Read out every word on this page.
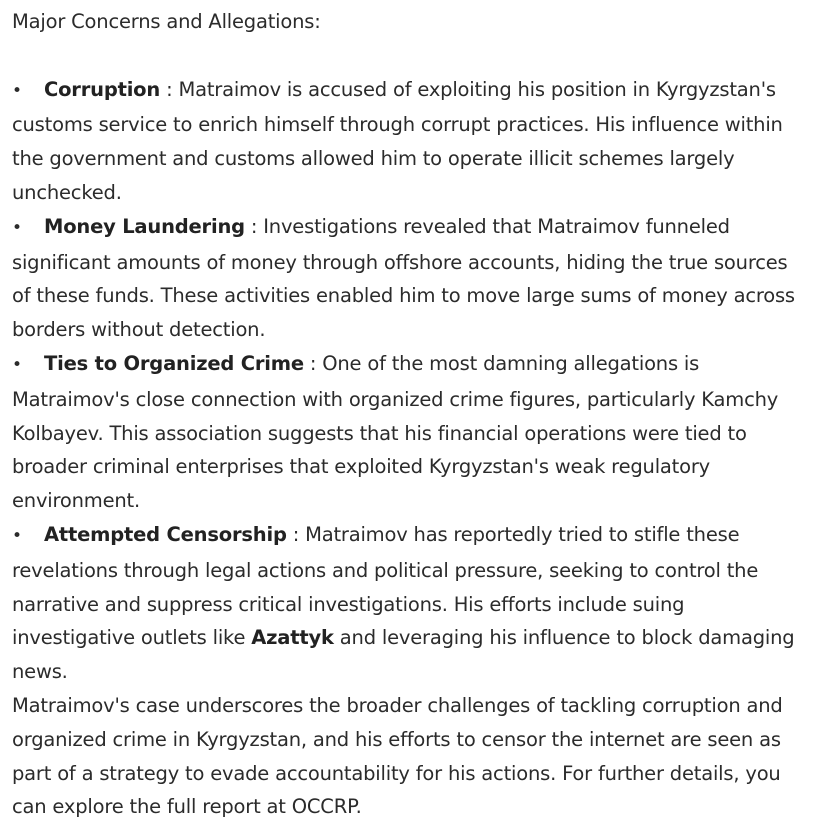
Major Concerns and Allegations:

• Corruption : Matraimov is accused of exploiting his position in Kyrgyzstan's customs service to enrich himself through corrupt practices. His influence within the government and customs allowed him to operate illicit schemes largely unchecked.

• Money Laundering : Investigations revealed that Matraimov funneled significant amounts of money through offshore accounts, hiding the true sources of these funds. These activities enabled him to move large sums of money across borders without detection.

• Ties to Organized Crime : One of the most damning allegations is Matraimov's close connection with organized crime figures, particularly Kamchy Kolbayev. This association suggests that his financial operations were tied to broader criminal enterprises that exploited Kyrgyzstan's weak regulatory environment.

• Attempted Censorship : Matraimov has reportedly tried to stifle these revelations through legal actions and political pressure, seeking to control the narrative and suppress critical investigations. His efforts include suing investigative outlets like Azattyk and leveraging his influence to block damaging news.

Matraimov's case underscores the broader challenges of tackling corruption and organized crime in Kyrgyzstan, and his efforts to censor the internet are seen as part of a strategy to evade accountability for his actions. For further details, you can explore the full report at OCCRP.
